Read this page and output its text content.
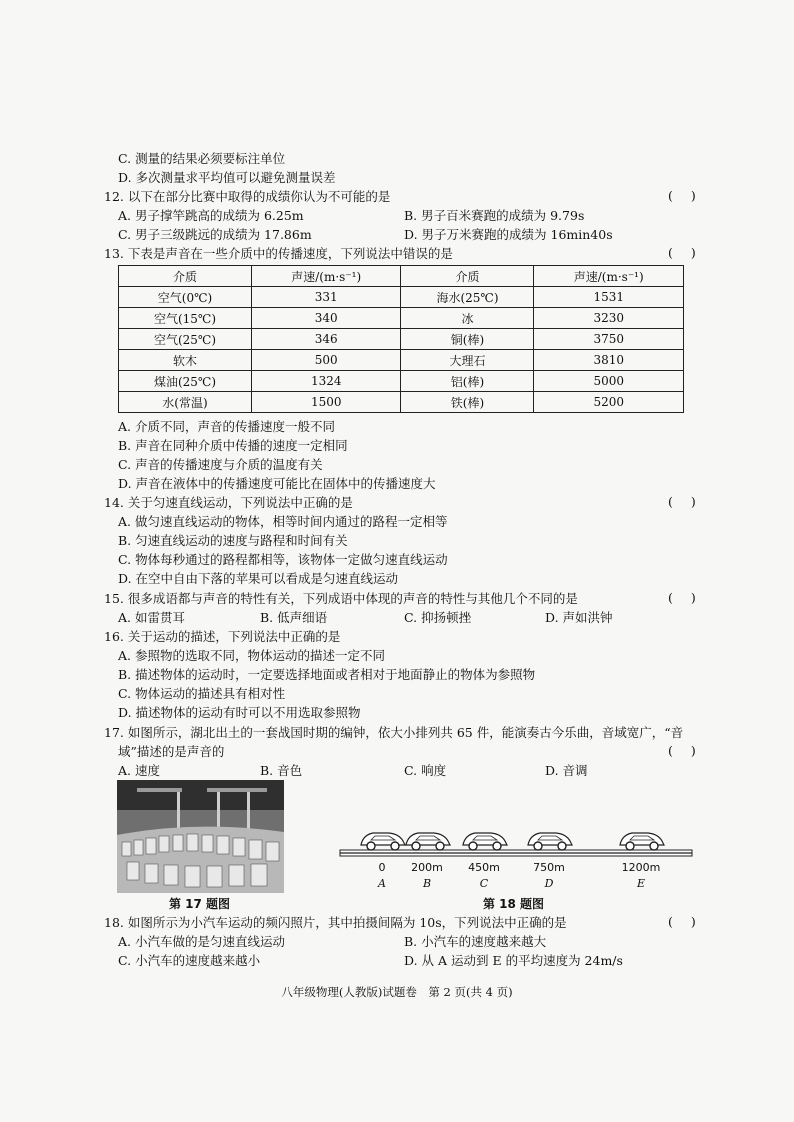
C. 测量的结果必须要标注单位
D. 多次测量求平均值可以避免测量误差
12. 以下在部分比赛中取得的成绩你认为不可能的是	()
A. 男子撑竿跳高的成绩为 6.25m	B. 男子百米赛跑的成绩为 9.79s
C. 男子三级跳远的成绩为 17.86m	D. 男子万米赛跑的成绩为 16min40s
13. 下表是声音在一些介质中的传播速度，下列说法中错误的是	()
介质	声速/(m·s⁻¹)	介质	声速/(m·s⁻¹)
空气(0℃)	331	海水(25℃)	1531
空气(15℃)	340	冰	3230
空气(25℃)	346	铜(棒)	3750
软木	500	大理石	3810
煤油(25℃)	1324	铝(棒)	5000
水(常温)	1500	铁(棒)	5200
A. 介质不同，声音的传播速度一般不同
B. 声音在同种介质中传播的速度一定相同
C. 声音的传播速度与介质的温度有关
D. 声音在液体中的传播速度可能比在固体中的传播速度大
14. 关于匀速直线运动，下列说法中正确的是	()
A. 做匀速直线运动的物体，相等时间内通过的路程一定相等
B. 匀速直线运动的速度与路程和时间有关
C. 物体每秒通过的路程都相等，该物体一定做匀速直线运动
D. 在空中自由下落的苹果可以看成是匀速直线运动
15. 很多成语都与声音的特性有关，下列成语中体现的声音的特性与其他几个不同的是	()
A. 如雷贯耳	B. 低声细语	C. 抑扬顿挫	D. 声如洪钟
16. 关于运动的描述，下列说法中正确的是
A. 参照物的选取不同，物体运动的描述一定不同
B. 描述物体的运动时，一定要选择地面或者相对于地面静止的物体为参照物
C. 物体运动的描述具有相对性
D. 描述物体的运动有时可以不用选取参照物
17. 如图所示，湖北出土的一套战国时期的编钟，依大小排列共 65 件，能演奏古今乐曲，音域宽广，“音
域”描述的是声音的	()
A. 速度	B. 音色	C. 响度	D. 音调
第 17 题图
0
A
200m
B
450m
C
750m
D
1200m
E
第 18 题图
18. 如图所示为小汽车运动的频闪照片，其中拍摄间隔为 10s，下列说法中正确的是	()
A. 小汽车做的是匀速直线运动	B. 小汽车的速度越来越大
C. 小汽车的速度越来越小	D. 从 A 运动到 E 的平均速度为 24m/s
八年级物理(人教版)试题卷　第 2 页(共 4 页)
